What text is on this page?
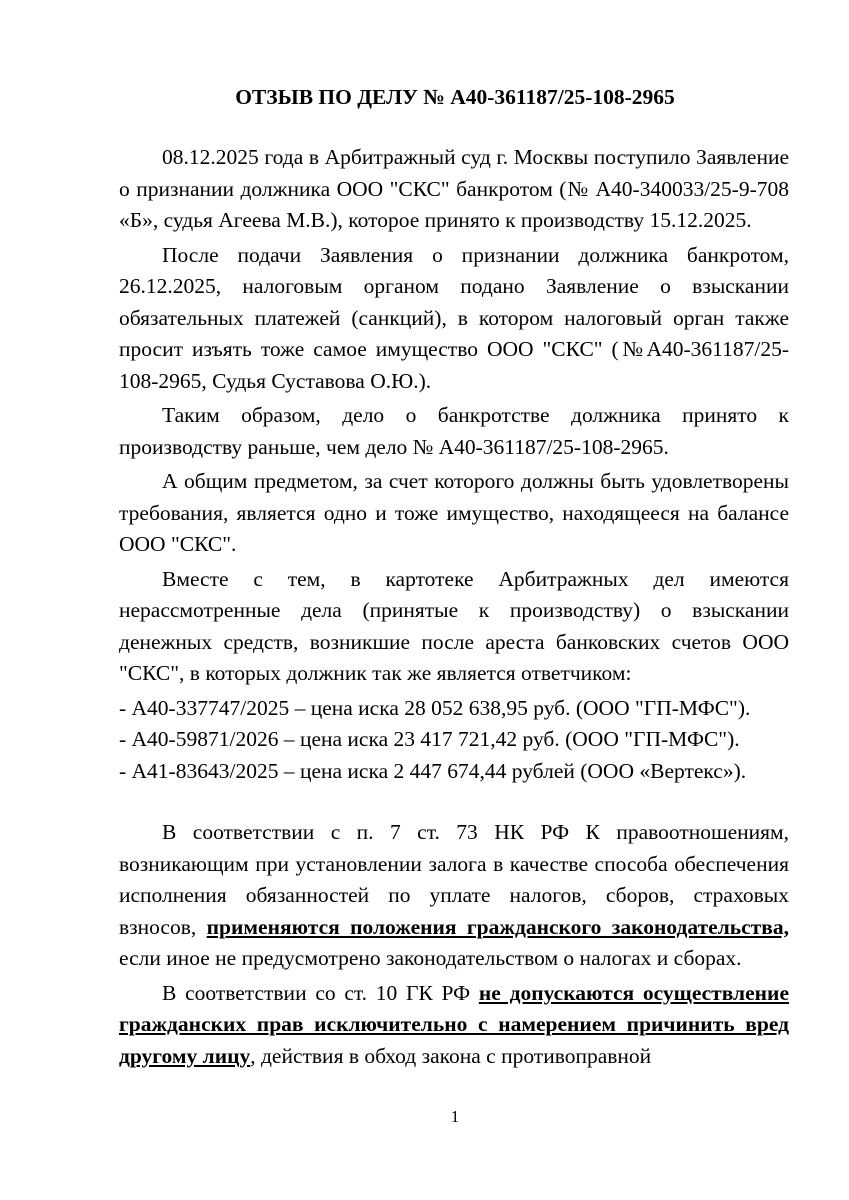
ОТЗЫВ ПО ДЕЛУ № А40-361187/25-108-2965

08.12.2025 года в Арбитражный суд г. Москвы поступило Заявление о признании должника ООО "СКС" банкротом (№ А40-340033/25-9-708 «Б», судья Агеева М.В.), которое принято к производству 15.12.2025.

После подачи Заявления о признании должника банкротом, 26.12.2025, налоговым органом подано Заявление о взыскании обязательных платежей (санкций), в котором налоговый орган также просит изъять тоже самое имущество ООО "СКС" (№А40-361187/25-108-2965, Судья Суставова О.Ю.).

Таким образом, дело о банкротстве должника принято к производству раньше, чем дело № А40-361187/25-108-2965.

А общим предметом, за счет которого должны быть удовлетворены требования, является одно и тоже имущество, находящееся на балансе ООО "СКС".

Вместе с тем, в картотеке Арбитражных дел имеются нерассмотренные дела (принятые к производству) о взыскании денежных средств, возникшие после ареста банковских счетов ООО "СКС", в которых должник так же является ответчиком:

- А40-337747/2025 – цена иска 28 052 638,95 руб. (ООО "ГП-МФС").

- А40-59871/2026 – цена иска 23 417 721,42 руб. (ООО "ГП-МФС").

- А41-83643/2025 – цена иска 2 447 674,44 рублей (ООО «Вертекс»).

В соответствии с п. 7 ст. 73 НК РФ К правоотношениям, возникающим при установлении залога в качестве способа обеспечения исполнения обязанностей по уплате налогов, сборов, страховых взносов, применяются положения гражданского законодательства, если иное не предусмотрено законодательством о налогах и сборах.

В соответствии со ст. 10 ГК РФ не допускаются осуществление гражданских прав исключительно с намерением причинить вред другому лицу, действия в обход закона с противоправной

1
